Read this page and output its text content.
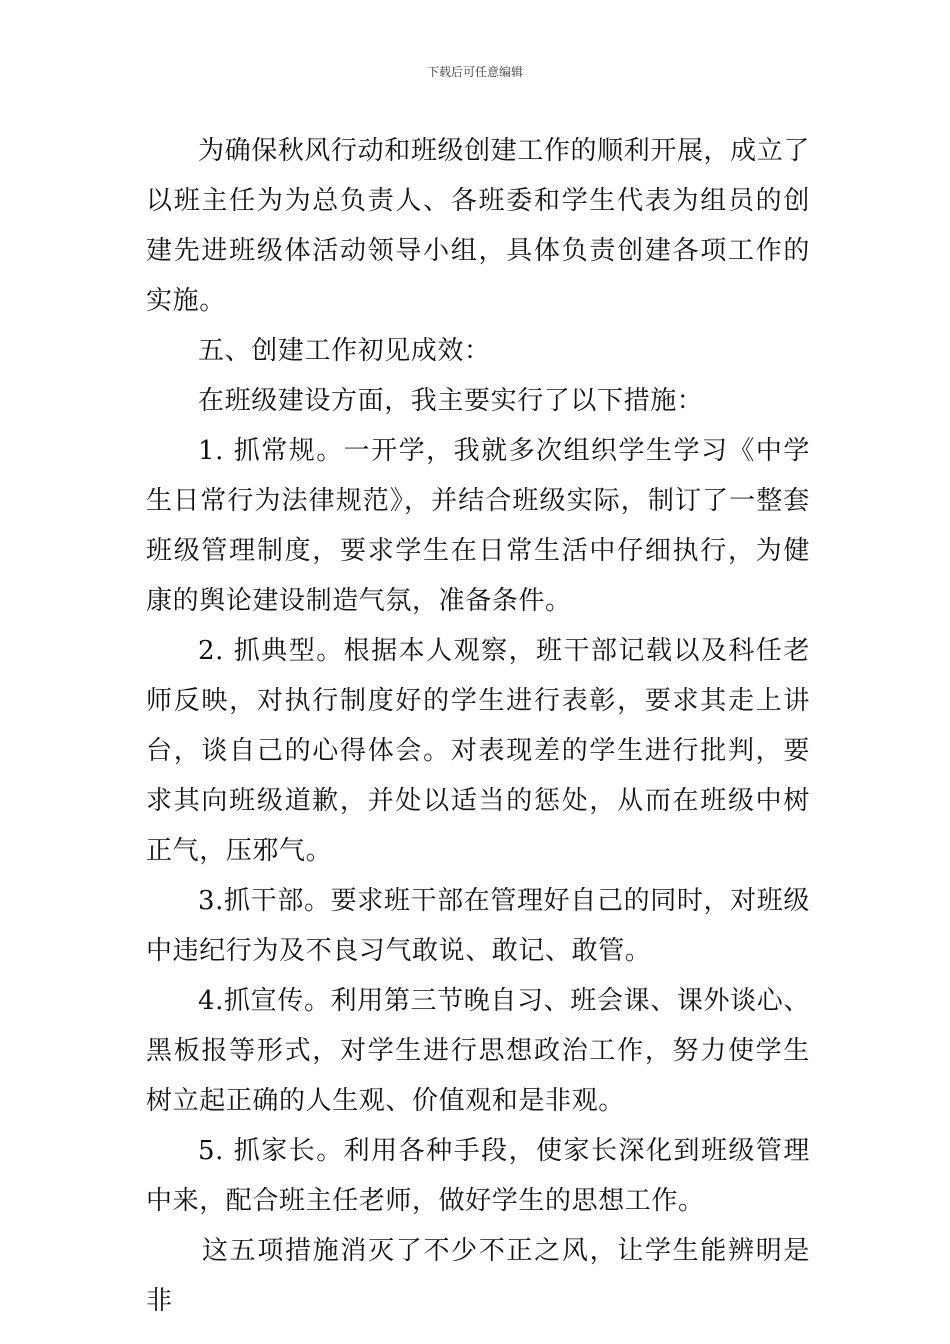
下载后可任意编辑

为确保秋风行动和班级创建工作的顺利开展，成立了以班主任为为总负责人、各班委和学生代表为组员的创建先进班级体活动领导小组，具体负责创建各项工作的实施。

五、创建工作初见成效：

在班级建设方面，我主要实行了以下措施：

1. 抓常规。一开学，我就多次组织学生学习《中学生日常行为法律规范》，并结合班级实际，制订了一整套班级管理制度，要求学生在日常生活中仔细执行，为健康的舆论建设制造气氛，准备条件。

2. 抓典型。根据本人观察，班干部记载以及科任老师反映，对执行制度好的学生进行表彰，要求其走上讲台，谈自己的心得体会。对表现差的学生进行批判，要求其向班级道歉，并处以适当的惩处，从而在班级中树正气，压邪气。

3.抓干部。要求班干部在管理好自己的同时，对班级中违纪行为及不良习气敢说、敢记、敢管。

4.抓宣传。利用第三节晚自习、班会课、课外谈心、黑板报等形式，对学生进行思想政治工作，努力使学生树立起正确的人生观、价值观和是非观。

5. 抓家长。利用各种手段，使家长深化到班级管理中来，配合班主任老师，做好学生的思想工作。

这五项措施消灭了不少不正之风，让学生能辨明是非
